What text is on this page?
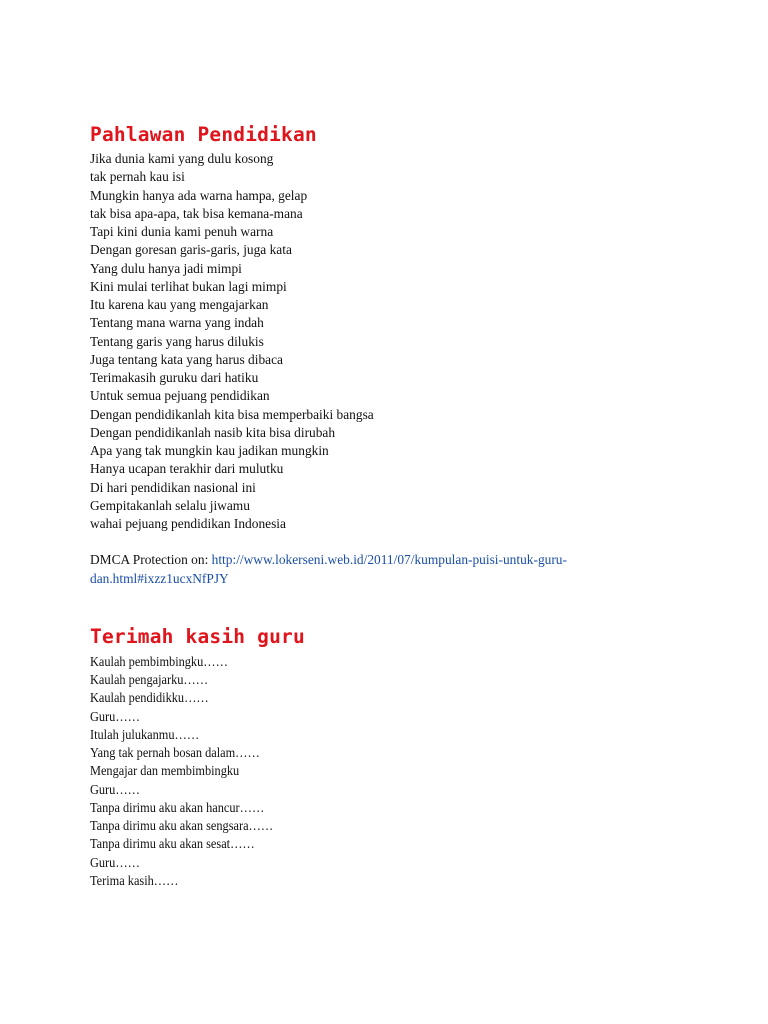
Pahlawan Pendidikan
Jika dunia kami yang dulu kosong
tak pernah kau isi
Mungkin hanya ada warna hampa, gelap
tak bisa apa-apa, tak bisa kemana-mana
Tapi kini dunia kami penuh warna
Dengan goresan garis-garis, juga kata
Yang dulu hanya jadi mimpi
Kini mulai terlihat bukan lagi mimpi
Itu karena kau yang mengajarkan
Tentang mana warna yang indah
Tentang garis yang harus dilukis
Juga tentang kata yang harus dibaca
Terimakasih guruku dari hatiku
Untuk semua pejuang pendidikan
Dengan pendidikanlah kita bisa memperbaiki bangsa
Dengan pendidikanlah nasib kita bisa dirubah
Apa yang tak mungkin kau jadikan mungkin
Hanya ucapan terakhir dari mulutku
Di hari pendidikan nasional ini
Gempitakanlah selalu jiwamu
wahai pejuang pendidikan Indonesia
DMCA Protection on: http://www.lokerseni.web.id/2011/07/kumpulan-puisi-untuk-guru-
dan.html#ixzz1ucxNfPJY
Terimah kasih guru
Kaulah pembimbingku……
Kaulah pengajarku……
Kaulah pendidikku……
Guru……
Itulah julukanmu……
Yang tak pernah bosan dalam……
Mengajar dan membimbingku
Guru……
Tanpa dirimu aku akan hancur……
Tanpa dirimu aku akan sengsara……
Tanpa dirimu aku akan sesat……
Guru……
Terima kasih……
